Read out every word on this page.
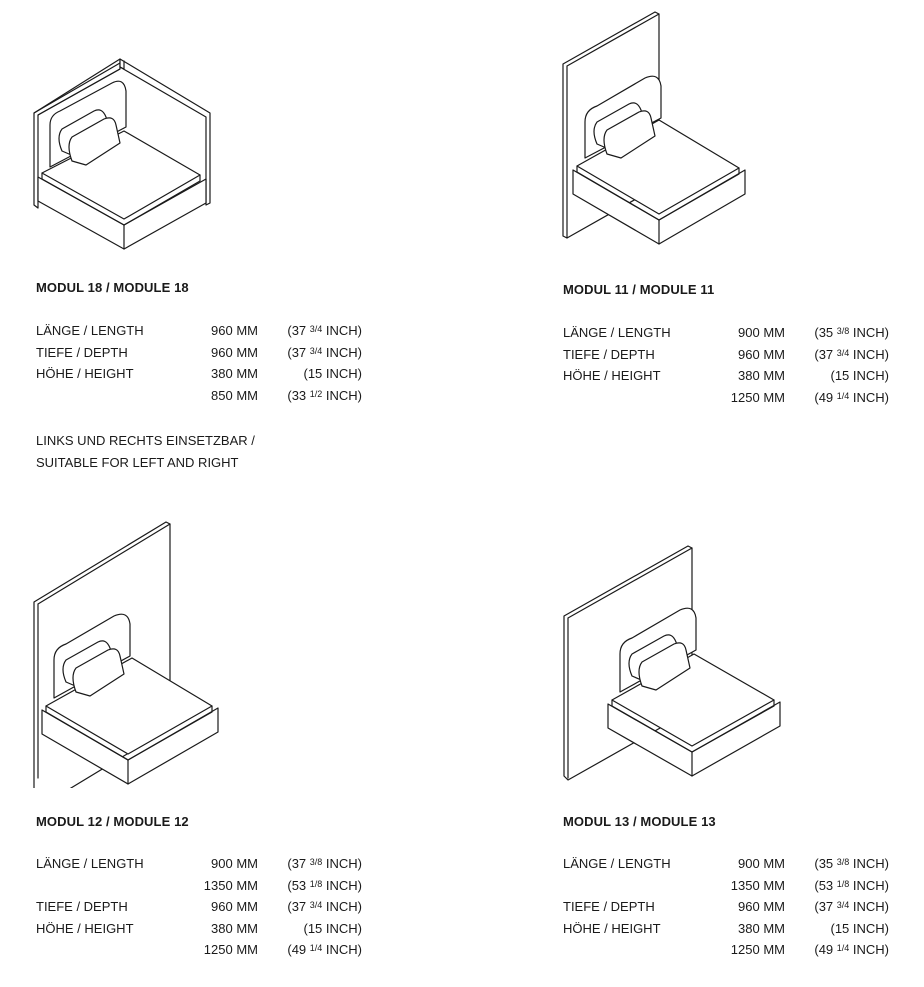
MODUL 18 / MODULE 18
LÄNGE / LENGTH	960 MM (37 $^{3/4}$ INCH)
TIEFE / DEPTH	960 MM (37 $^{3/4}$ INCH)
HÖHE / HEIGHT	380 MM	(15 INCH)
850 MM (33 $^{1/2}$ INCH)
LINKS UND RECHTS EINSETZBAR /
SUITABLE FOR LEFT AND RIGHT
MODUL 11 / MODULE 11
LÄNGE / LENGTH	900 MM (35 $^{3/8}$ INCH)
TIEFE / DEPTH	960 MM (37 $^{3/4}$ INCH)
HÖHE / HEIGHT	380 MM	(15 INCH)
1250 MM (49 $^{1/4}$ INCH)
MODUL 12 / MODULE 12
LÄNGE / LENGTH	900 MM (37 $^{3/8}$ INCH)
1350 MM (53 $^{1/8}$ INCH)
TIEFE / DEPTH	960 MM (37 $^{3/4}$ INCH)
HÖHE / HEIGHT	380 MM	(15 INCH)
1250 MM (49 $^{1/4}$ INCH)
MODUL 13 / MODULE 13
LÄNGE / LENGTH	900 MM (35 $^{3/8}$ INCH)
1350 MM (53 $^{1/8}$ INCH)
TIEFE / DEPTH	960 MM (37 $^{3/4}$ INCH)
HÖHE / HEIGHT	380 MM	(15 INCH)
1250 MM (49 $^{1/4}$ INCH)
